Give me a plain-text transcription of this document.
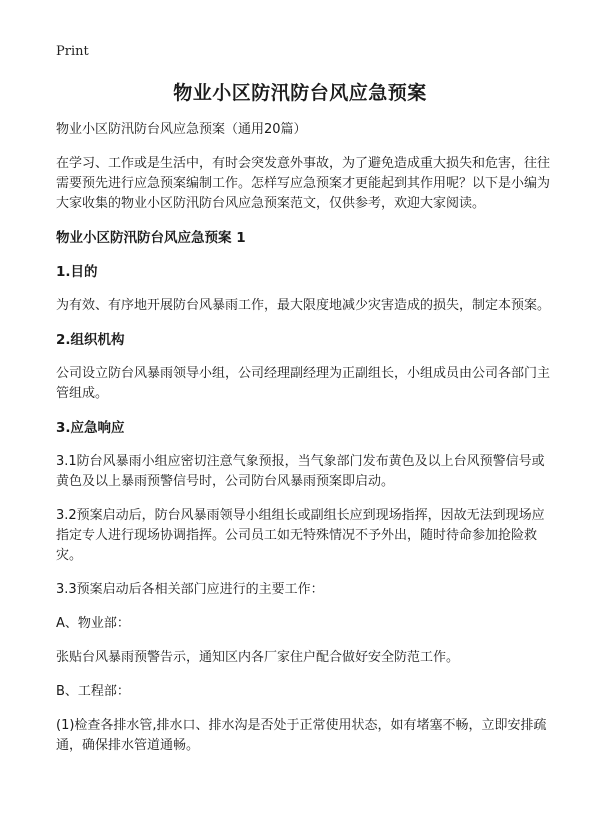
Print
物业小区防汛防台风应急预案

物业小区防汛防台风应急预案（通用20篇）

在学习、工作或是生活中，有时会突发意外事故，为了避免造成重大损失和危害，往往需要预先进行应急预案编制工作。怎样写应急预案才更能起到其作用呢？以下是小编为大家收集的物业小区防汛防台风应急预案范文，仅供参考，欢迎大家阅读。

物业小区防汛防台风应急预案 1

1.目的

为有效、有序地开展防台风暴雨工作，最大限度地减少灾害造成的损失，制定本预案。

2.组织机构

公司设立防台风暴雨领导小组，公司经理副经理为正副组长，小组成员由公司各部门主管组成。

3.应急响应

3.1防台风暴雨小组应密切注意气象预报，当气象部门发布黄色及以上台风预警信号或黄色及以上暴雨预警信号时，公司防台风暴雨预案即启动。

3.2预案启动后，防台风暴雨领导小组组长或副组长应到现场指挥，因故无法到现场应指定专人进行现场协调指挥。公司员工如无特殊情况不予外出，随时待命参加抢险救灾。

3.3预案启动后各相关部门应进行的主要工作：

A、物业部：

张贴台风暴雨预警告示，通知区内各厂家住户配合做好安全防范工作。

B、工程部：

(1)检查各排水管,排水口、排水沟是否处于正常使用状态，如有堵塞不畅，立即安排疏通，确保排水管道通畅。
